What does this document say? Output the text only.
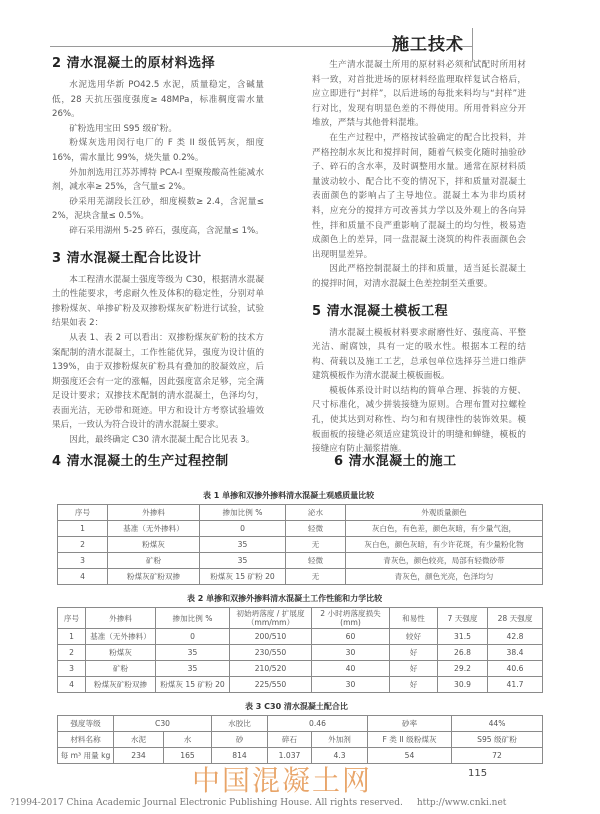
施工技术
2 清水混凝土的原材料选择

水泥选用华新 PO42.5 水泥，质量稳定，含碱量低，28 天抗压强度强度≥ 48MPa，标准稠度需水量 26%。

矿粉选用宝田 S95 级矿粉。

粉煤灰选用闵行电厂的 F 类 II 级低钙灰，细度 16%，需水量比 99%，烧失量 0.2%。

外加剂选用江苏苏博特 PCA-I 型聚羧酸高性能减水剂，减水率≥ 25%，含气量≤ 2%。

砂采用芜湖段长江砂，细度模数≥ 2.4，含泥量≤ 2%，泥块含量≤ 0.5%。

碎石采用湖州 5-25 碎石，强度高，含泥量≤ 1%。

3 清水混凝土配合比设计

本工程清水混凝土强度等级为 C30，根据清水混凝土的性能要求，考虑耐久性及体积的稳定性，分别对单掺粉煤灰、单掺矿粉及双掺粉煤灰矿粉进行试验，试验结果如表 2：

从表 1、表 2 可以看出：双掺粉煤灰矿粉的技术方案配制的清水混凝土，工作性能优异，强度为设计值的 139%，由于双掺粉煤灰矿粉具有叠加的胶凝效应，后期强度还会有一定的涨幅，因此强度富余足够，完全满足设计要求；双掺技术配制的清水混凝土，色泽均匀，表面光洁，无砂带和斑迹。甲方和设计方考察试验墙效果后，一致认为符合设计的清水混凝土要求。

因此，最终确定 C30 清水混凝土配合比见表 3。

4 清水混凝土的生产过程控制

生产清水混凝土所用的原材料必须和试配时所用材料一致，对首批进场的原材料经监理取样复试合格后，应立即进行“封样”，以后进场的每批来料均与“封样”进行对比，发现有明显色差的不得使用。所用骨料应分开堆放，严禁与其他骨料混堆。

在生产过程中，严格按试验确定的配合比投料，并严格控制水灰比和搅拌时间，随着气候变化随时抽验砂子、碎石的含水率，及时调整用水量。通常在原材料质量波动较小、配合比不变的情况下，拌和质量对混凝土表面颜色的影响占了主导地位。混凝土本为非均质材料，应充分的搅拌方可改善其力学以及外观上的各向异性，拌和质量不良严重影响了混凝土的均匀性，极易造成颜色上的差异，同一盘混凝土浇筑的构件表面颜色会出现明显差异。

因此严格控制混凝土的拌和质量，适当延长混凝土的搅拌时间，对清水混凝土色差控制至关重要。

5 清水混凝土模板工程

清水混凝土模板材料要求耐磨性好、强度高、平整光洁、耐腐蚀，具有一定的吸水性。根据本工程的结构、荷载以及施工工艺，总承包单位选择芬兰进口维萨建筑模板作为清水混凝土模板面板。

模板体系设计时以结构的简单合理、拆装的方便、尺寸标准化，减少拼装接缝为原则。合理布置对拉螺栓孔，使其达到对称性、均匀和有规律性的装饰效果。模板面板的接缝必须适应建筑设计的明缝和蝉缝，模板的接缝应有防止漏浆措施。

6 清水混凝土的施工
表 1 单掺和双掺外掺料清水混凝土观感质量比较
序号	外掺料	掺加比例 %	泌水	外观质量颜色
1	基准（无外掺料）	0	轻微	灰白色，有色差，颜色灰暗，有少量气泡，
2	粉煤灰	35	无	灰白色，颜色灰暗，有少许花斑，有少量粉化物
3	矿粉	35	轻微	青灰色，颜色较亮，局部有轻微砂带
4	粉煤灰矿粉双掺	粉煤灰 15 矿粉 20	无	青灰色，颜色光亮，色泽均匀
表 2 单掺和双掺外掺料清水混凝土工作性能和力学比较
序号	外掺料	掺加比例 %	初始坍落度 / 扩展度（mm/mm）	2 小时坍落度损失(mm)	和易性	7 天强度	28 天强度
1	基准（无外掺料）	0	200/510	60	较好	31.5	42.8
2	粉煤灰	35	230/550	30	好	26.8	38.4
3	矿粉	35	210/520	40	好	29.2	40.6
4	粉煤灰矿粉双掺	粉煤灰 15 矿粉 20	225/550	30	好	30.9	41.7
表 3 C30 清水混凝土配合比
强度等级	C30		水胶比	0.46		砂率	44%
材料名称	水泥	水	砂	碎石	外加剂	F 类 II 级粉煤灰	S95 级矿粉
每 m³ 用量 kg	234	165	814	1.037	4.3	54	72
中国混凝土网	115
?1994-2017 China Academic Journal Electronic Publishing House. All rights reserved. http://www.cnki.net
